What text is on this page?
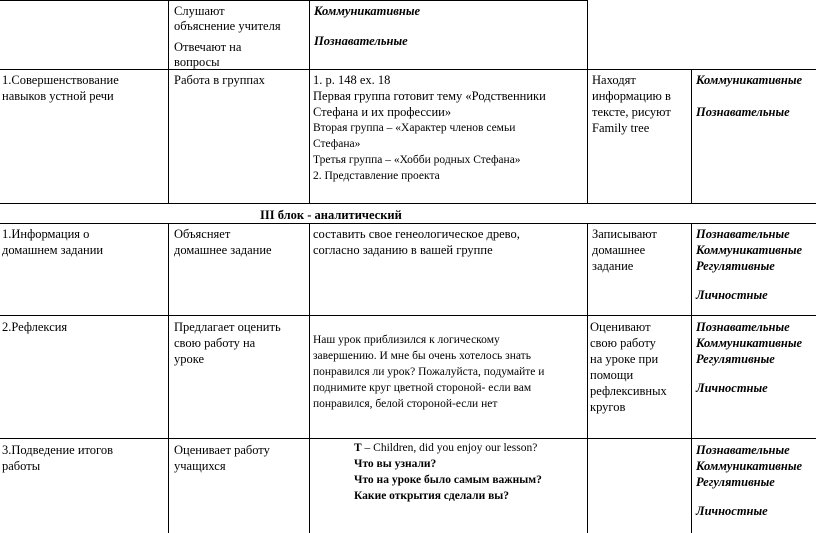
Слушают
объяснение учителя
Отвечают на
вопросы
Коммуникативные
Познавательные
1.Совершенствование
навыков устной речи
Работа в группах	1. p. 148 ex. 18
Первая группа готовит тему «Родственники
Стефана и их профессии»
Вторая группа – «Характер членов семьи
Стефана»
Третья группа – «Хобби родных Стефана»
2. Представление проекта
Находят
информацию в
тексте, рисуют
Family tree
Коммуникативные
Познавательные
III блок - аналитический
1.Информация о
домашнем задании
Объясняет
домашнее задание
составить свое генеологическое древо,
согласно заданию в вашей группе
Записывают
домашнее
задание
Познавательные
Коммуникативные
Регулятивные
Личностные
2.Рефлексия	Предлагает оценить
свою работу на
уроке
Наш урок приблизился к логическому
завершению. И мне бы очень хотелось знать
понравился ли урок? Пожалуйста, подумайте и
поднимите круг цветной стороной- если вам
понравился, белой стороной-если нет
Оценивают
свою работу
на уроке при
помощи
рефлексивных
кругов
Познавательные
Коммуникативные
Регулятивные
Личностные
3.Подведение итогов
работы
Оценивает работу
учащихся
T – Children, did you enjoy our lesson?
Что вы узнали?
Что на уроке было самым важным?
Какие открытия сделали вы?
Познавательные
Коммуникативные
Регулятивные
Личностные
